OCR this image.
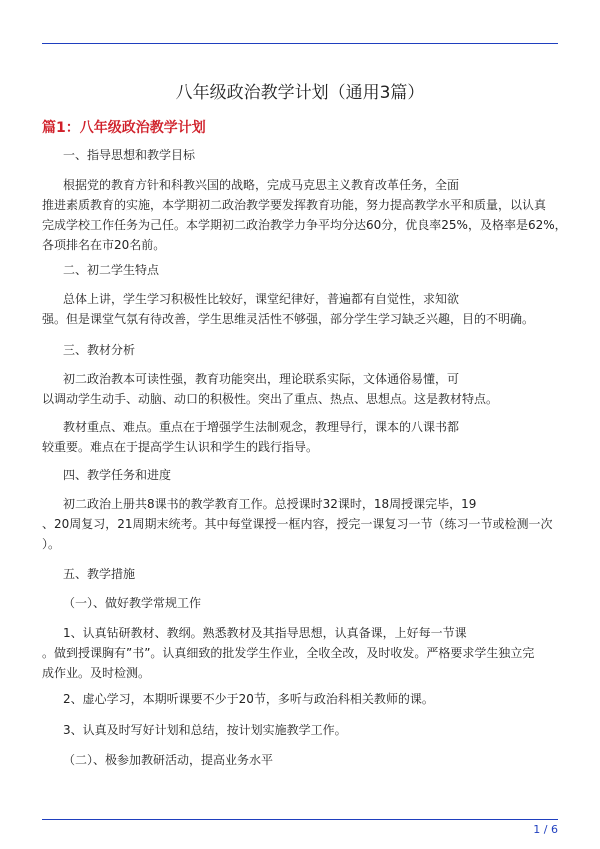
八年级政治教学计划（通用3篇）
篇1：八年级政治教学计划
一、指导思想和教学目标
根据党的教育方针和科教兴国的战略，完成马克思主义教育改革任务，全面
推进素质教育的实施，本学期初二政治教学要发挥教育功能，努力提高教学水平和质量，以认真
完成学校工作任务为己任。本学期初二政治教学力争平均分达60分，优良率25%，及格率是62%，
各项排名在市20名前。
二、初二学生特点
总体上讲，学生学习积极性比较好，课堂纪律好，普遍都有自觉性，求知欲
强。但是课堂气氛有待改善，学生思维灵活性不够强，部分学生学习缺乏兴趣，目的不明确。
三、教材分析
初二政治教本可读性强，教育功能突出，理论联系实际，文体通俗易懂，可
以调动学生动手、动脑、动口的积极性。突出了重点、热点、思想点。这是教材特点。
教材重点、难点。重点在于增强学生法制观念，教理导行，课本的八课书都
较重要。难点在于提高学生认识和学生的践行指导。
四、教学任务和进度
初二政治上册共8课书的教学教育工作。总授课时32课时，18周授课完毕，19
、20周复习，21周期末统考。其中每堂课授一框内容，授完一课复习一节（练习一节或检测一次
）。
五、教学措施
（一）、做好教学常规工作
1、认真钻研教材、教纲。熟悉教材及其指导思想，认真备课，上好每一节课
。做到授课胸有”书”。认真细致的批发学生作业，全收全改，及时收发。严格要求学生独立完
成作业。及时检测。
2、虚心学习，本期听课要不少于20节，多听与政治科相关教师的课。
3、认真及时写好计划和总结，按计划实施教学工作。
（二）、极参加教研活动，提高业务水平
1 / 6
